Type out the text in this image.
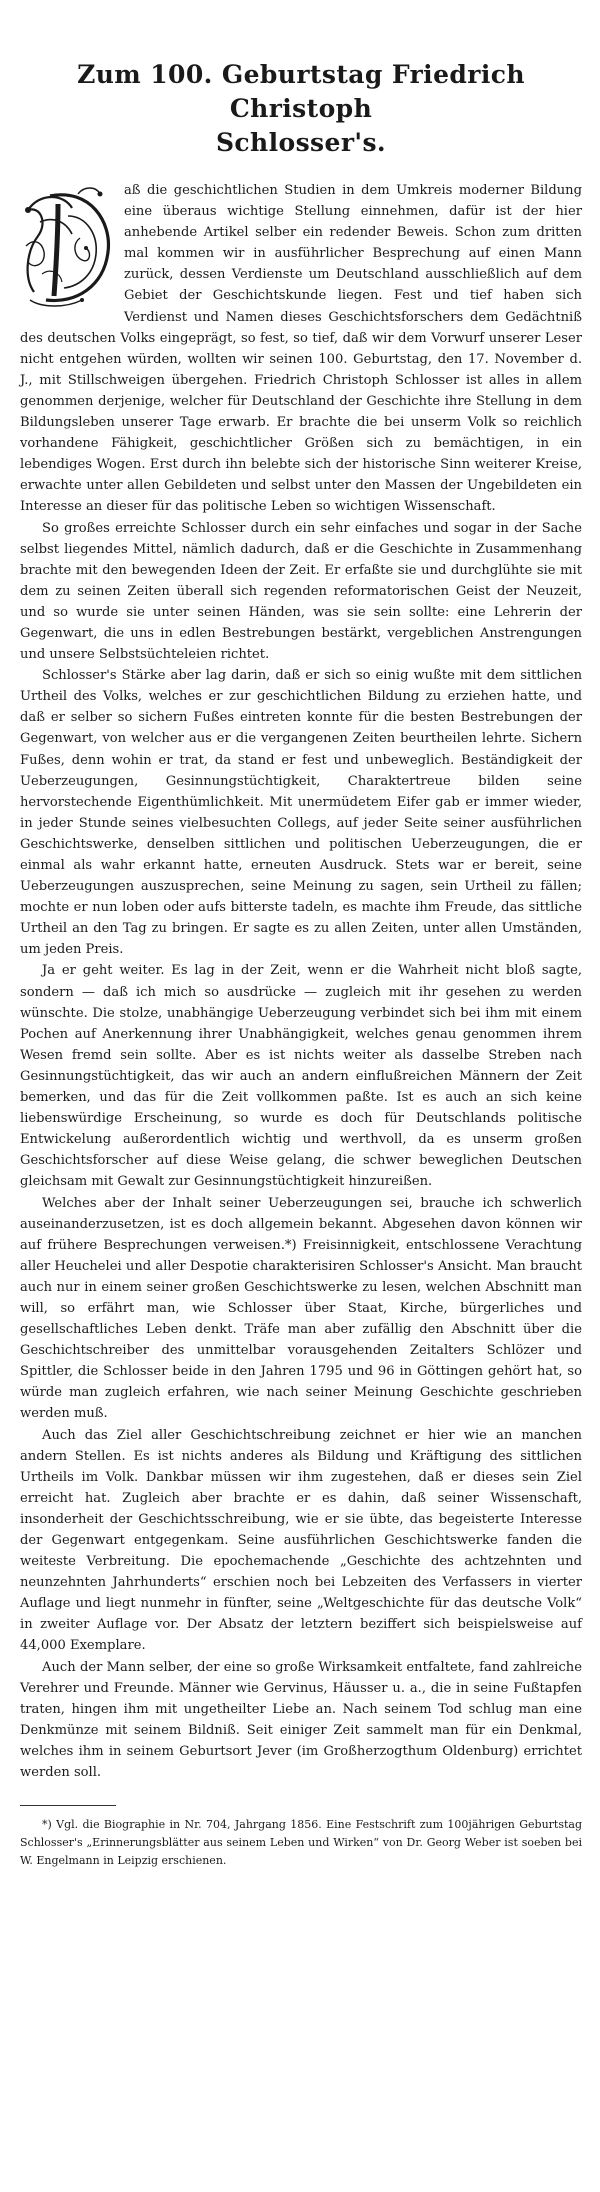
Zum 100. Geburtstag Friedrich Christoph
Schlosser's.

aß die geschichtlichen Studien in dem Umkreis moderner Bildung eine überaus wichtige Stellung einnehmen, dafür ist der hier anhebende Artikel selber ein redender Beweis. Schon zum dritten mal kommen wir in ausführlicher Besprechung auf einen Mann zurück, dessen Verdienste um Deutschland ausschließlich auf dem Gebiet der Geschichtskunde liegen. Fest und tief haben sich Verdienst und Namen dieses Geschichtsforschers dem Gedächtniß des deutschen Volks eingeprägt, so fest, so tief, daß wir dem Vorwurf unserer Leser nicht entgehen würden, wollten wir seinen 100. Geburtstag, den 17. November d. J., mit Stillschweigen übergehen. Friedrich Christoph Schlosser ist alles in allem genommen derjenige, welcher für Deutschland der Geschichte ihre Stellung in dem Bildungsleben unserer Tage erwarb. Er brachte die bei unserm Volk so reichlich vorhandene Fähigkeit, geschichtlicher Größen sich zu bemächtigen, in ein lebendiges Wogen. Erst durch ihn belebte sich der historische Sinn weiterer Kreise, erwachte unter allen Gebildeten und selbst unter den Massen der Ungebildeten ein Interesse an dieser für das politische Leben so wichtigen Wissenschaft.

So großes erreichte Schlosser durch ein sehr einfaches und sogar in der Sache selbst liegendes Mittel, nämlich dadurch, daß er die Geschichte in Zusammenhang brachte mit den bewegenden Ideen der Zeit. Er erfaßte sie und durchglühte sie mit dem zu seinen Zeiten überall sich regenden reformatorischen Geist der Neuzeit, und so wurde sie unter seinen Händen, was sie sein sollte: eine Lehrerin der Gegenwart, die uns in edlen Bestrebungen bestärkt, vergeblichen Anstrengungen und unsere Selbstsüchteleien richtet.

Schlosser's Stärke aber lag darin, daß er sich so einig wußte mit dem sittlichen Urtheil des Volks, welches er zur geschichtlichen Bildung zu erziehen hatte, und daß er selber so sichern Fußes eintreten konnte für die besten Bestrebungen der Gegenwart, von welcher aus er die vergangenen Zeiten beurtheilen lehrte. Sichern Fußes, denn wohin er trat, da stand er fest und unbeweglich. Beständigkeit der Ueberzeugungen, Gesinnungstüchtigkeit, Charaktertreue bilden seine hervorstechende Eigenthümlichkeit. Mit unermüdetem Eifer gab er immer wieder, in jeder Stunde seines vielbesuchten Collegs, auf jeder Seite seiner ausführlichen Geschichtswerke, denselben sittlichen und politischen Ueberzeugungen, die er einmal als wahr erkannt hatte, erneuten Ausdruck. Stets war er bereit, seine Ueberzeugungen auszusprechen, seine Meinung zu sagen, sein Urtheil zu fällen; mochte er nun loben oder aufs bitterste tadeln, es machte ihm Freude, das sittliche Urtheil an den Tag zu bringen. Er sagte es zu allen Zeiten, unter allen Umständen, um jeden Preis.

Ja er geht weiter. Es lag in der Zeit, wenn er die Wahrheit nicht bloß sagte, sondern — daß ich mich so ausdrücke — zugleich mit ihr gesehen zu werden wünschte. Die stolze, unabhängige Ueberzeugung verbindet sich bei ihm mit einem Pochen auf Anerkennung ihrer Unabhängigkeit, welches genau genommen ihrem Wesen fremd sein sollte. Aber es ist nichts weiter als dasselbe Streben nach Gesinnungstüchtigkeit, das wir auch an andern einflußreichen Männern der Zeit bemerken, und das für die Zeit vollkommen paßte. Ist es auch an sich keine liebenswürdige Erscheinung, so wurde es doch für Deutschlands politische Entwickelung außerordentlich wichtig und werthvoll, da es unserm großen Geschichtsforscher auf diese Weise gelang, die schwer beweglichen Deutschen gleichsam mit Gewalt zur Gesinnungstüchtigkeit hinzureißen.

Welches aber der Inhalt seiner Ueberzeugungen sei, brauche ich schwerlich auseinanderzusetzen, ist es doch allgemein bekannt. Abgesehen davon können wir auf frühere Besprechungen verweisen.*) Freisinnigkeit, entschlossene Verachtung aller Heuchelei und aller Despotie charakterisiren Schlosser's Ansicht. Man braucht auch nur in einem seiner großen Geschichtswerke zu lesen, welchen Abschnitt man will, so erfährt man, wie Schlosser über Staat, Kirche, bürgerliches und gesellschaftliches Leben denkt. Träfe man aber zufällig den Abschnitt über die Geschichtschreiber des unmittelbar vorausgehenden Zeitalters Schlözer und Spittler, die Schlosser beide in den Jahren 1795 und 96 in Göttingen gehört hat, so würde man zugleich erfahren, wie nach seiner Meinung Geschichte geschrieben werden muß.

Auch das Ziel aller Geschichtschreibung zeichnet er hier wie an manchen andern Stellen. Es ist nichts anderes als Bildung und Kräftigung des sittlichen Urtheils im Volk. Dankbar müssen wir ihm zugestehen, daß er dieses sein Ziel erreicht hat. Zugleich aber brachte er es dahin, daß seiner Wissenschaft, insonderheit der Geschichtsschreibung, wie er sie übte, das begeisterte Interesse der Gegenwart entgegenkam. Seine ausführlichen Geschichtswerke fanden die weiteste Verbreitung. Die epochemachende „Geschichte des achtzehnten und neunzehnten Jahrhunderts“ erschien noch bei Lebzeiten des Verfassers in vierter Auflage und liegt nunmehr in fünfter, seine „Weltgeschichte für das deutsche Volk“ in zweiter Auflage vor. Der Absatz der letztern beziffert sich beispielsweise auf 44,000 Exemplare.

Auch der Mann selber, der eine so große Wirksamkeit entfaltete, fand zahlreiche Verehrer und Freunde. Männer wie Gervinus, Häusser u. a., die in seine Fußtapfen traten, hingen ihm mit ungetheilter Liebe an. Nach seinem Tod schlug man eine Denkmünze mit seinem Bildniß. Seit einiger Zeit sammelt man für ein Denkmal, welches ihm in seinem Geburtsort Jever (im Großherzogthum Oldenburg) errichtet werden soll.

*) Vgl. die Biographie in Nr. 704, Jahrgang 1856. Eine Festschrift zum 100jährigen Geburtstag Schlosser's „Erinnerungsblätter aus seinem Leben und Wirken“ von Dr. Georg Weber ist soeben bei W. Engelmann in Leipzig erschienen.
